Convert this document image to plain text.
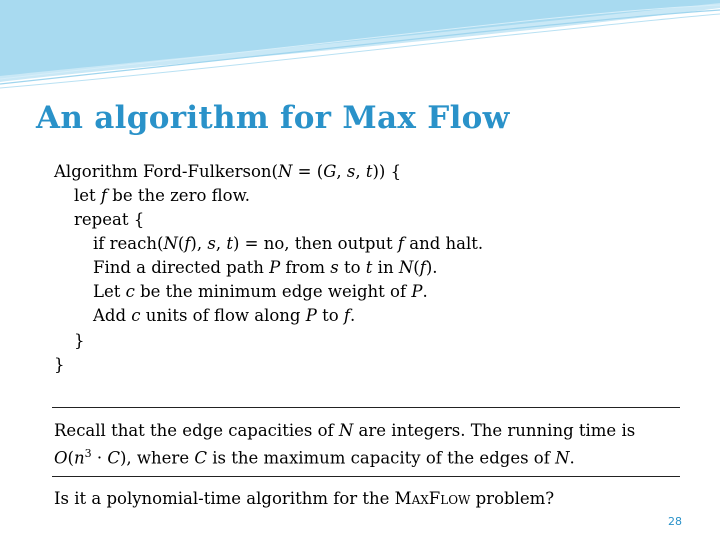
An algorithm for Max Flow
Algorithm Ford-Fulkerson(N = (G, s, t)) {
let f be the zero flow.
repeat {
if reach(N(f), s, t) = no, then output f and halt.
Find a directed path P from s to t in N(f).
Let c be the minimum edge weight of P.
Add c units of flow along P to f.
}
}
Recall that the edge capacities of N are integers. The running time is
$O(n^3 \cdot C)$, where C is the maximum capacity of the edges of N.
Is it a polynomial-time algorithm for the MaxFlow problem?
28
